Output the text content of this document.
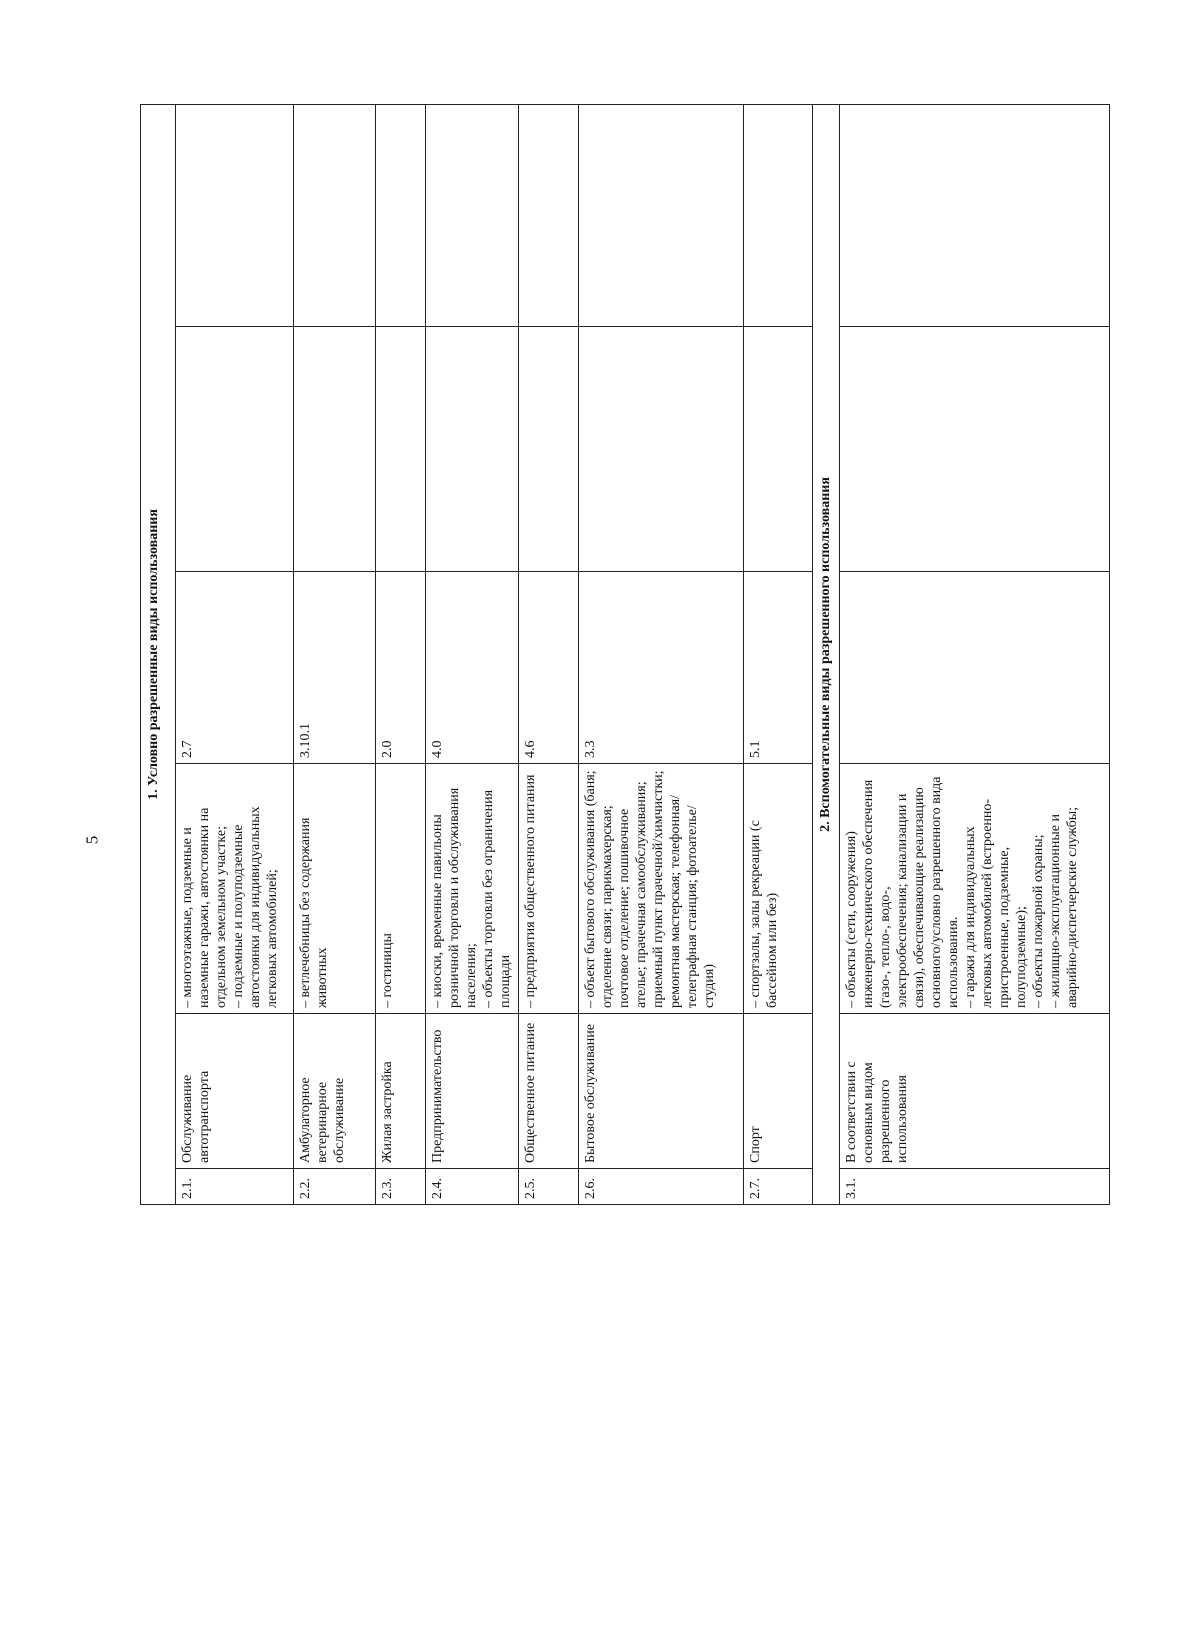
5
1. Условно разрешенные виды использования					
2.1.	Обслуживание автотранспорта	– многоэтажные, подземные и наземные гаражи, автостоянки на отдельном земельном участке; – подземные и полуподземные автостоянки для индивидуальных легковых автомобилей;	2.7		
2.2.	Амбулаторное ветеринарное обслуживание	– ветлечебницы без содержания животных	3.10.1		
2.3.	Жилая застройка	– гостиницы	2.0		
2.4.	Предпринимательство	– киоски, временные павильоны розничной торговли и обслуживания населения; – объекты торговли без ограничения площади	4.0		
2.5.	Общественное питание	– предприятия общественного питания	4.6		
2.6.	Бытовое обслуживание	– объект бытового обслуживания (баня; отделение связи; парикмахерская; почтовое отделение; пошивочное ателье; прачечная самообслуживания; приемный пункт прачечной/химчистки; ремонтная мастерская; телефонная/телеграфная станция; фотоателье/студия)	3.3		
2.7.	Спорт	– спортзалы, залы рекреации (с бассейном или без)	5.1		
2. Вспомогательные виды разрешенного использования					
3.1.	В соответствии с основным видом разрешенного использования	– объекты (сети, сооружения) инженерно-технического обеспечения (газо-, тепло-, водо-, электрообеспечения; канализации и связи), обеспечивающие реализацию основного/условно разрешенного вида использования. – гаражи для индивидуальных легковых автомобилей (встроенно-пристроенные, подземные, полуподземные); – объекты пожарной охраны; – жилищно-эксплуатационные и аварийно-диспетчерские службы;			
